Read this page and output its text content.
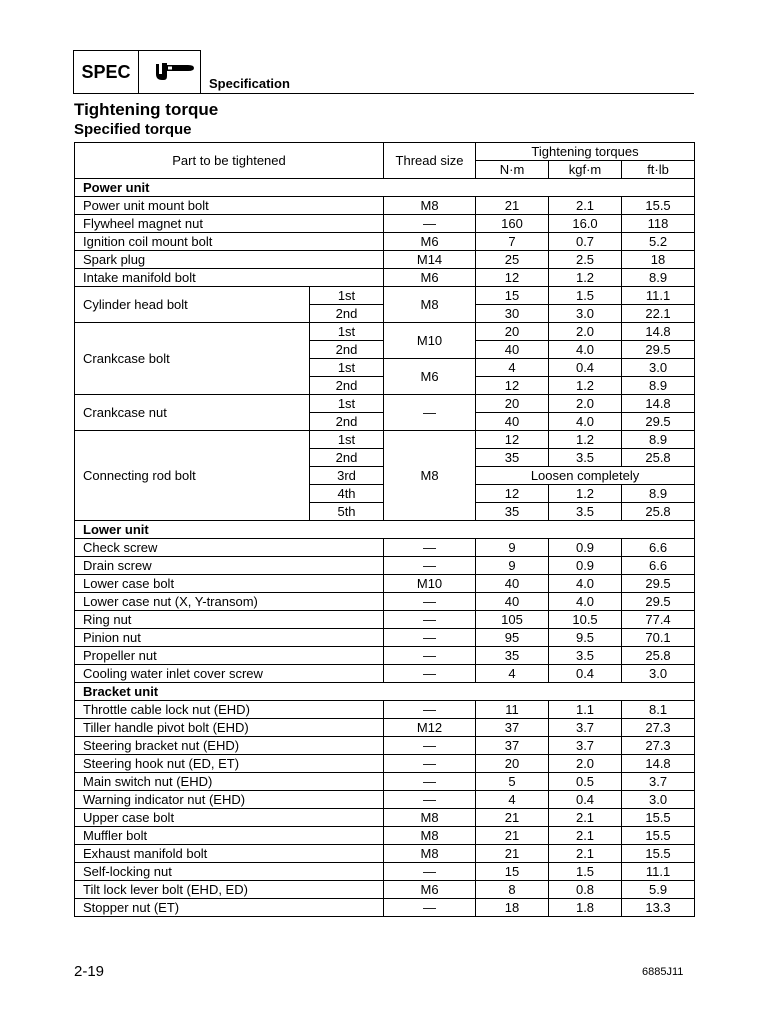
SPEC
Specification
Tightening torque
Specified torque
Part to be tightened		Thread size	Tightening torques		
			N·m	kgf·m	ft·lb
Power unit					
Power unit mount bolt		M8	21	2.1	15.5
Flywheel magnet nut		—	160	16.0	118
Ignition coil mount bolt		M6	7	0.7	5.2
Spark plug		M14	25	2.5	18
Intake manifold bolt		M6	12	1.2	8.9
Cylinder head bolt	1st	M8	15	1.5	11.1
	2nd		30	3.0	22.1
Crankcase bolt	1st	M10	20	2.0	14.8
	2nd		40	4.0	29.5
	1st	M6	4	0.4	3.0
	2nd		12	1.2	8.9
Crankcase nut	1st	—	20	2.0	14.8
	2nd		40	4.0	29.5
Connecting rod bolt	1st	M8	12	1.2	8.9
	2nd		35	3.5	25.8
	3rd		Loosen completely		
	4th		12	1.2	8.9
	5th		35	3.5	25.8
Lower unit					
Check screw		—	9	0.9	6.6
Drain screw		—	9	0.9	6.6
Lower case bolt		M10	40	4.0	29.5
Lower case nut (X, Y-transom)		—	40	4.0	29.5
Ring nut		—	105	10.5	77.4
Pinion nut		—	95	9.5	70.1
Propeller nut		—	35	3.5	25.8
Cooling water inlet cover screw		—	4	0.4	3.0
Bracket unit					
Throttle cable lock nut (EHD)		—	11	1.1	8.1
Tiller handle pivot bolt (EHD)		M12	37	3.7	27.3
Steering bracket nut (EHD)		—	37	3.7	27.3
Steering hook nut (ED, ET)		—	20	2.0	14.8
Main switch nut (EHD)		—	5	0.5	3.7
Warning indicator nut (EHD)		—	4	0.4	3.0
Upper case bolt		M8	21	2.1	15.5
Muffler bolt		M8	21	2.1	15.5
Exhaust manifold bolt		M8	21	2.1	15.5
Self-locking nut		—	15	1.5	11.1
Tilt lock lever bolt (EHD, ED)		M6	8	0.8	5.9
Stopper nut (ET)		—	18	1.8	13.3
2-19	6885J11
